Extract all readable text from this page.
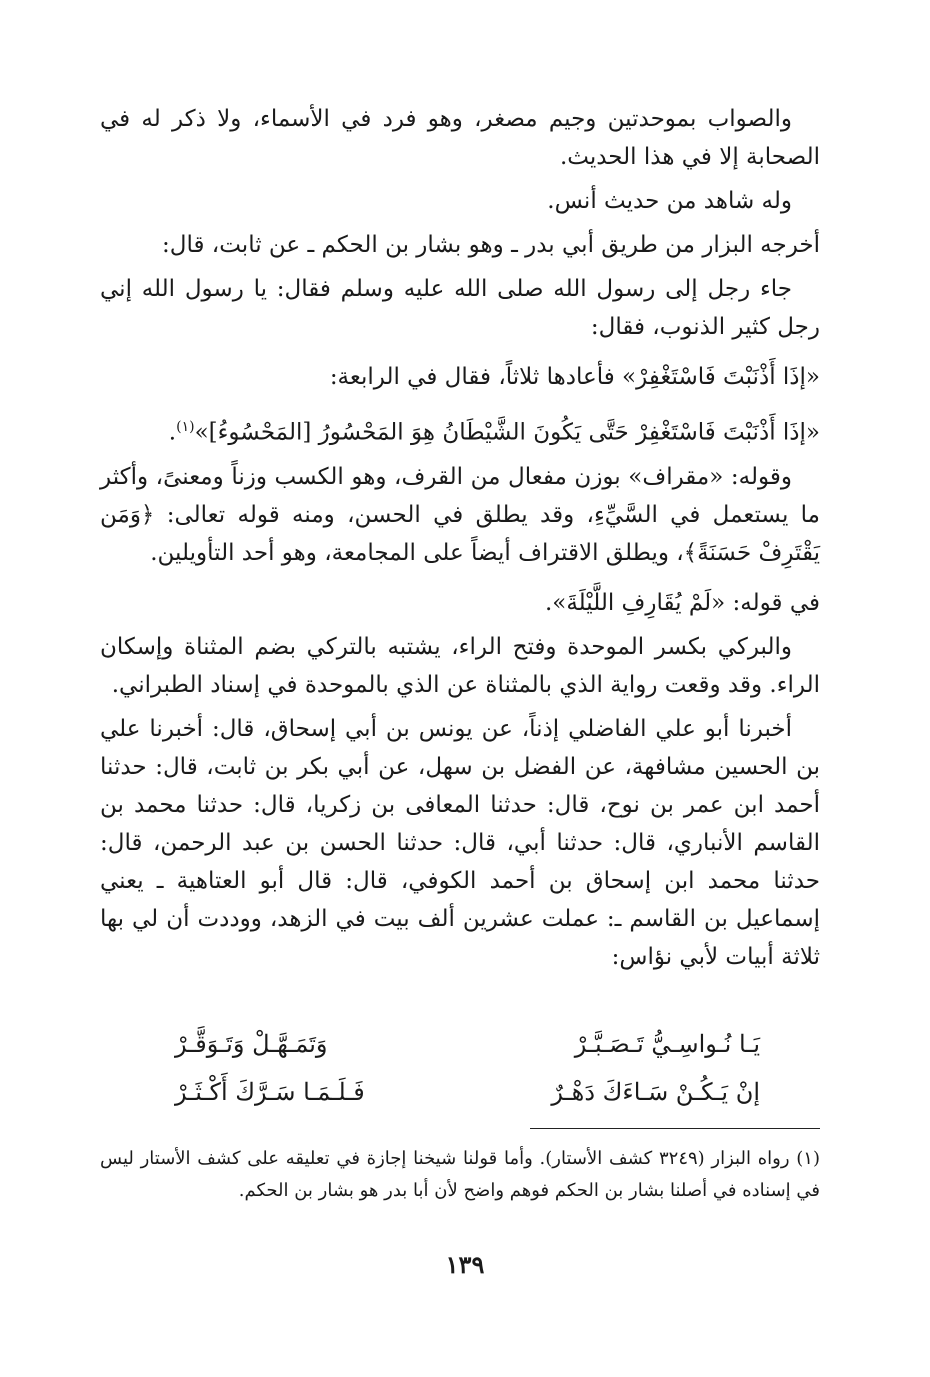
والصواب بموحدتين وجيم مصغر، وهو فرد في الأسماء، ولا ذكر له في الصحابة إلا في هذا الحديث.

وله شاهد من حديث أنس.

أخرجه البزار من طريق أبي بدر ـ وهو بشار بن الحكم ـ عن ثابت، قال:

جاء رجل إلى رسول الله صلى الله عليه وسلم فقال: يا رسول الله إني رجل كثير الذنوب، فقال:

«إذَا أَذْنَبْتَ فَاسْتَغْفِرْ» فأعادها ثلاثاً، فقال في الرابعة:

«إذَا أَذْنَبْتَ فَاسْتَغْفِرْ حَتَّى يَكُونَ الشَّيْطَانُ هِوَ المَحْسُورُ [المَحْسُوءُ]»$^{(١)}$.

وقوله: «مقراف» بوزن مفعال من القرف، وهو الكسب وزناً ومعنىً، وأكثر ما يستعمل في السَّيِّءِ، وقد يطلق في الحسن، ومنه قوله تعالى: ﴿وَمَن يَقْتَرِفْ حَسَنَةً﴾، ويطلق الاقتراف أيضاً على المجامعة، وهو أحد التأويلين.

في قوله: «لَمْ يُقَارِفِ اللَّيْلَةَ».

والبركي بكسر الموحدة وفتح الراء، يشتبه بالتركي بضم المثناة وإسكان الراء. وقد وقعت رواية الذي بالمثناة عن الذي بالموحدة في إسناد الطبراني.

أخبرنا أبو علي الفاضلي إذناً، عن يونس بن أبي إسحاق، قال: أخبرنا علي بن الحسين مشافهة، عن الفضل بن سهل، عن أبي بكر بن ثابت، قال: حدثنا أحمد ابن عمر بن نوح، قال: حدثنا المعافى بن زكريا، قال: حدثنا محمد بن القاسم الأنباري، قال: حدثنا أبي، قال: حدثنا الحسن بن عبد الرحمن، قال: حدثنا محمد ابن إسحاق بن أحمد الكوفي، قال: قال أبو العتاهية ـ يعني إسماعيل بن القاسم ـ: عملت عشرين ألف بيت في الزهد، ووددت أن لي بها ثلاثة أبيات لأبي نؤاس:

يَـا نُـواسِـيُّ تَـصَـبَّـرْ
وَتَمَـهَّـلْ وَتَـوَقَّـرْ
إنْ يَـكُـنْ سَـاءَكَ دَهْـرٌ
فَـلَـمَـا سَـرَّكَ أَكْـثَـرْ

(١) رواه البزار (٣٢٤٩ كشف الأستار). وأما قولنا شيخنا إجازة في تعليقه على كشف الأستار ليس في إسناده في أصلنا بشار بن الحكم فوهم واضح لأن أبا بدر هو بشار بن الحكم.

١٣٩
